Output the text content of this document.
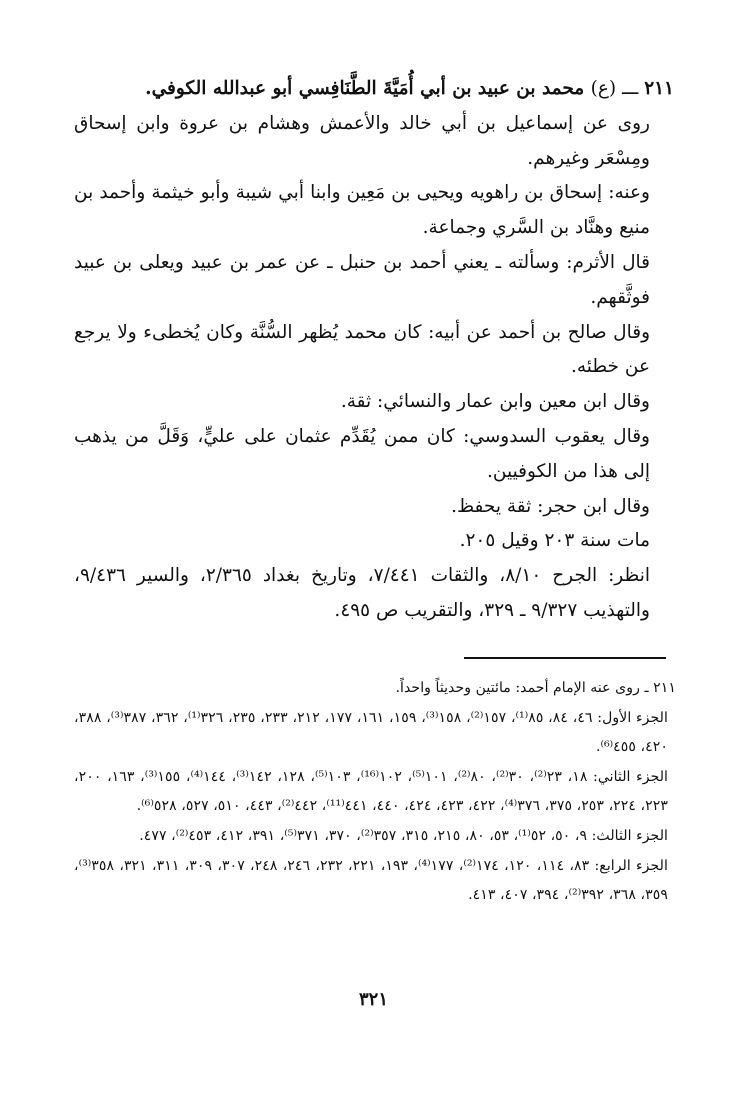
٢١١ ـــ (ع) محمد بن عبيد بن أبي أُمَيَّةَ الطَّنَافِسي أبو عبدالله الكوفي.

روى عن إسماعيل بن أبي خالد والأعمش وهشام بن عروة وابن إسحاق ومِسْعَر وغيرهم.

وعنه: إسحاق بن راهويه ويحيى بن مَعِين وابنا أبي شيبة وأبو خيثمة وأحمد بن منيع وهنَّاد بن السَّري وجماعة.

قال الأثرم: وسألته ـ يعني أحمد بن حنبل ـ عن عمر بن عبيد ويعلى بن عبيد فوثَّقهم.

وقال صالح بن أحمد عن أبيه: كان محمد يُظهر السُّنَّة وكان يُخطىء ولا يرجع عن خطئه.

وقال ابن معين وابن عمار والنسائي: ثقة.

وقال يعقوب السدوسي: كان ممن يُقَدِّم عثمان على عليٍّ، وَقَلَّ من يذهب إلى هذا من الكوفيين.

وقال ابن حجر: ثقة يحفظ.

مات سنة ٢٠٣ وقيل ٢٠٥.

انظر: الجرح ٨/١٠، والثقات ٧/٤٤١، وتاريخ بغداد ٢/٣٦٥، والسير ٩/٤٣٦، والتهذيب ٩/٣٢٧ ـ ٣٢٩، والتقريب ص ٤٩٥.

٢١١ ـ روى عنه الإمام أحمد: مائتين وحديثاً واحداً.

الجزء الأول: ٤٦، ٨٤، ٨٥⁽¹⁾، ١٥٧⁽²⁾، ١٥٨⁽³⁾، ١٥٩، ١٦١، ١٧٧، ٢١٢، ٢٣٣، ٢٣٥، ٣٢٦⁽¹⁾، ٣٦٢، ٣٨٧⁽³⁾، ٣٨٨، ٤٢٠، ٤٥٥⁽⁶⁾.

الجزء الثاني: ١٨، ٢٣⁽²⁾، ٣٠⁽²⁾، ٨٠⁽²⁾، ١٠١⁽⁵⁾، ١٠٢⁽¹⁶⁾، ١٠٣⁽⁵⁾، ١٢٨، ١٤٢⁽³⁾، ١٤٤⁽⁴⁾، ١٥٥⁽³⁾، ١٦٣، ٢٠٠، ٢٢٣، ٢٢٤، ٢٥٣، ٣٧٥، ٣٧٦⁽⁴⁾، ٤٢٢، ٤٢٣، ٤٢٤، ٤٤٠، ٤٤١⁽¹¹⁾، ٤٤٢⁽²⁾، ٤٤٣، ٥١٠، ٥٢٧، ٥٢٨⁽⁶⁾.

الجزء الثالث: ٩، ٥٠، ٥٢⁽¹⁾، ٥٣، ٨٠، ٢١٥، ٣١٥، ٣٥٧⁽²⁾، ٣٧٠، ٣٧١⁽⁵⁾، ٣٩١، ٤١٢، ٤٥٣⁽²⁾، ٤٧٧.

الجزء الرابع: ٨٣، ١١٤، ١٢٠، ١٧٤⁽²⁾، ١٧٧⁽⁴⁾، ١٩٣، ٢٢١، ٢٣٢، ٢٤٦، ٢٤٨، ٣٠٧، ٣٠٩، ٣١١، ٣٢١، ٣٥٨⁽³⁾، ٣٥٩، ٣٦٨، ٣٩٢⁽²⁾، ٣٩٤، ٤٠٧، ٤١٣.

٣٢١
